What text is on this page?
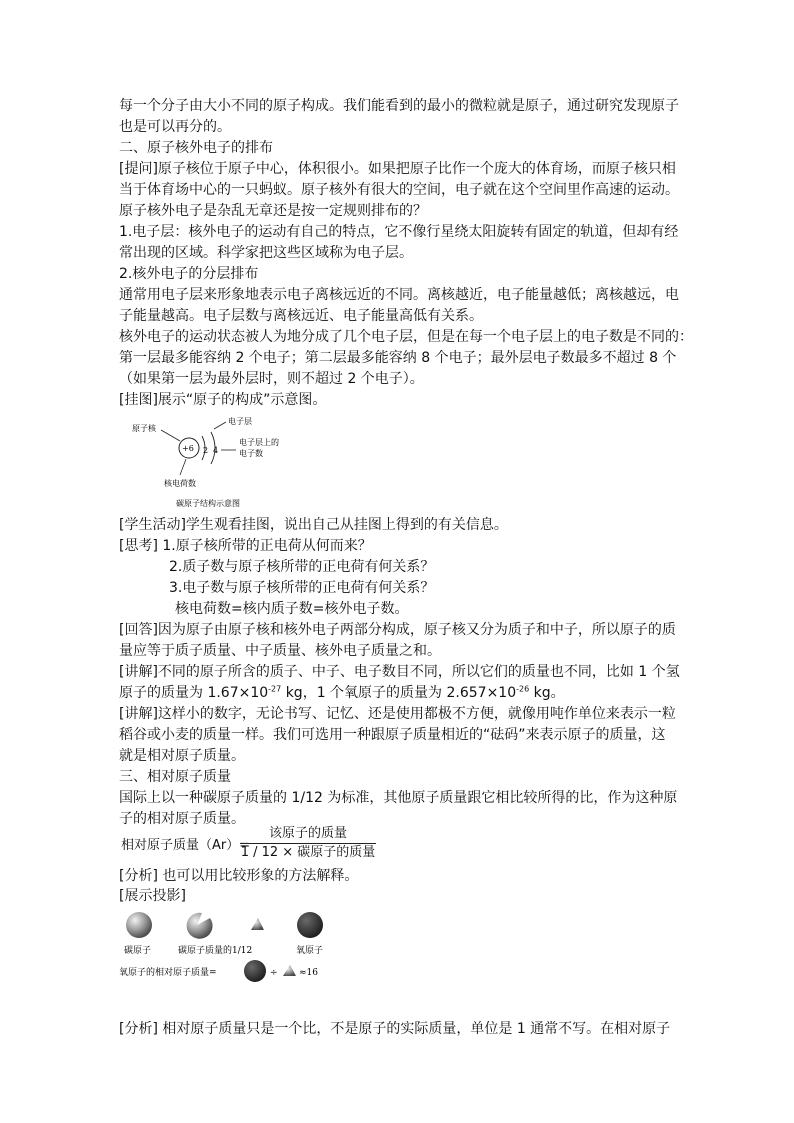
每一个分子由大小不同的原子构成。我们能看到的最小的微粒就是原子，通过研究发现原子
也是可以再分的。
二、原子核外电子的排布
[提问]原子核位于原子中心，体积很小。如果把原子比作一个庞大的体育场，而原子核只相
当于体育场中心的一只蚂蚁。原子核外有很大的空间，电子就在这个空间里作高速的运动。
原子核外电子是杂乱无章还是按一定规则排布的？
1.电子层：核外电子的运动有自己的特点，它不像行星绕太阳旋转有固定的轨道，但却有经
常出现的区域。科学家把这些区域称为电子层。
2.核外电子的分层排布
通常用电子层来形象地表示电子离核远近的不同。离核越近，电子能量越低；离核越远，电
子能量越高。电子层数与离核远近、电子能量高低有关系。
核外电子的运动状态被人为地分成了几个电子层，但是在每一个电子层上的电子数是不同的：
第一层最多能容纳 2 个电子；第二层最多能容纳 8 个电子；最外层电子数最多不超过 8 个
（如果第一层为最外层时，则不超过 2 个电子）。
[挂图]展示“原子的构成”示意图。
原子核
+6 2 4
电子层
电子层上的
电子数
核电荷数
碳原子结构示意图
[学生活动]学生观看挂图，说出自己从挂图上得到的有关信息。
[思考] 1.原子核所带的正电荷从何而来？
2.质子数与原子核所带的正电荷有何关系？
3.电子数与原子核所带的正电荷有何关系？
核电荷数=核内质子数=核外电子数。
[回答]因为原子由原子核和核外电子两部分构成，原子核又分为质子和中子，所以原子的质
量应等于质子质量、中子质量、核外电子质量之和。
[讲解]不同的原子所含的质子、中子、电子数目不同，所以它们的质量也不同，比如 1 个氢
原子的质量为 $1.67\times 10^{-27}$ kg，1 个氧原子的质量为 $2.657\times 10^{-26}$ kg。
[讲解]这样小的数字，无论书写、记忆、还是使用都极不方便，就像用吨作单位来表示一粒
稻谷或小麦的质量一样。我们可选用一种跟原子质量相近的“砝码”来表示原子的质量，这
就是相对原子质量。
三、相对原子质量
国际上以一种碳原子质量的 1/12 为标准，其他原子质量跟它相比较所得的比，作为这种原
子的相对原子质量。
相对原子质量（Ar）=
该原子的质量
1 / 12 × 碳原子的质量
[分析] 也可以用比较形象的方法解释。
[展示投影]
碳原子	碳原子质量的1/12	氧原子
氧原子的相对原子质量=	÷ ≈16
[分析] 相对原子质量只是一个比，不是原子的实际质量，单位是 1 通常不写。在相对原子
